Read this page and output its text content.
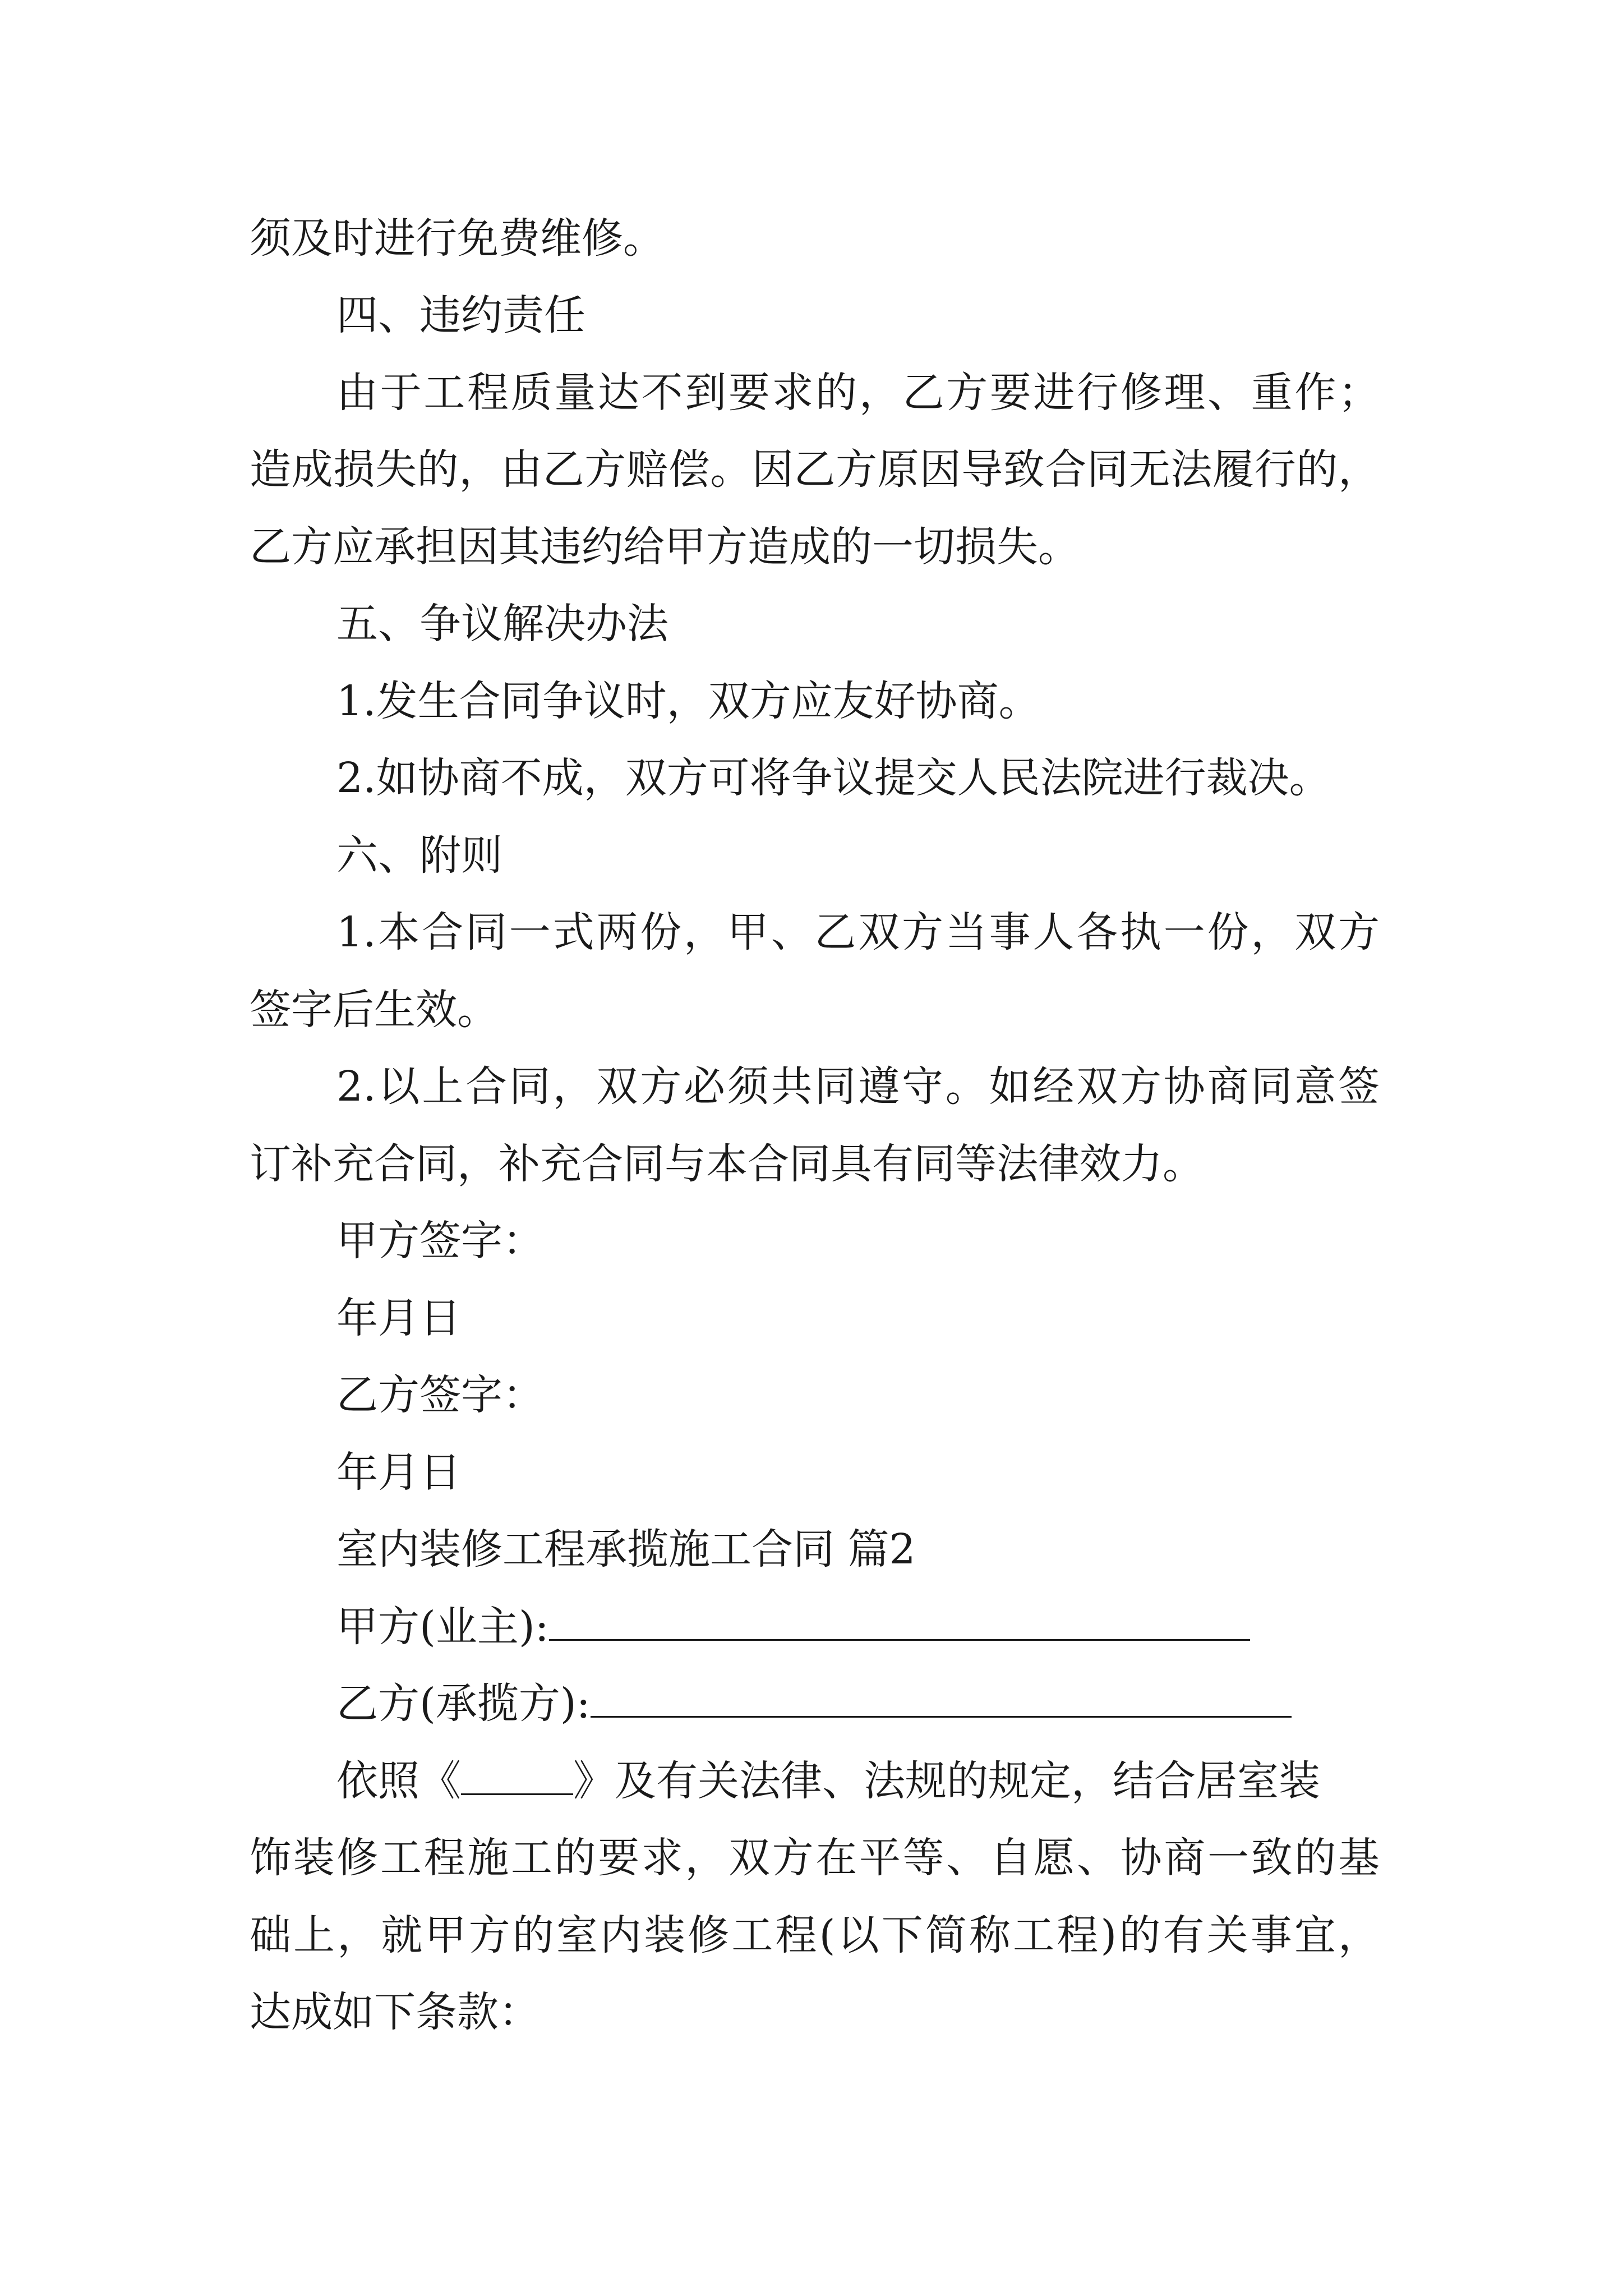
须及时进行免费维修。

四、违约责任

由于工程质量达不到要求的，乙方要进行修理、重作；

造成损失的，由乙方赔偿。因乙方原因导致合同无法履行的，

乙方应承担因其违约给甲方造成的一切损失。

五、争议解决办法

1.发生合同争议时，双方应友好协商。

2.如协商不成，双方可将争议提交人民法院进行裁决。

六、附则

1.本合同一式两份，甲、乙双方当事人各执一份，双方

签字后生效。

2.以上合同，双方必须共同遵守。如经双方协商同意签

订补充合同，补充合同与本合同具有同等法律效力。

甲方签字：

年月日

乙方签字：

年月日

室内装修工程承揽施工合同 篇2

甲方(业主):

乙方(承揽方):

依照《	》及有关法律、法规的规定，结合居室装

饰装修工程施工的要求，双方在平等、自愿、协商一致的基

础上，就甲方的室内装修工程(以下简称工程)的有关事宜，

达成如下条款：
